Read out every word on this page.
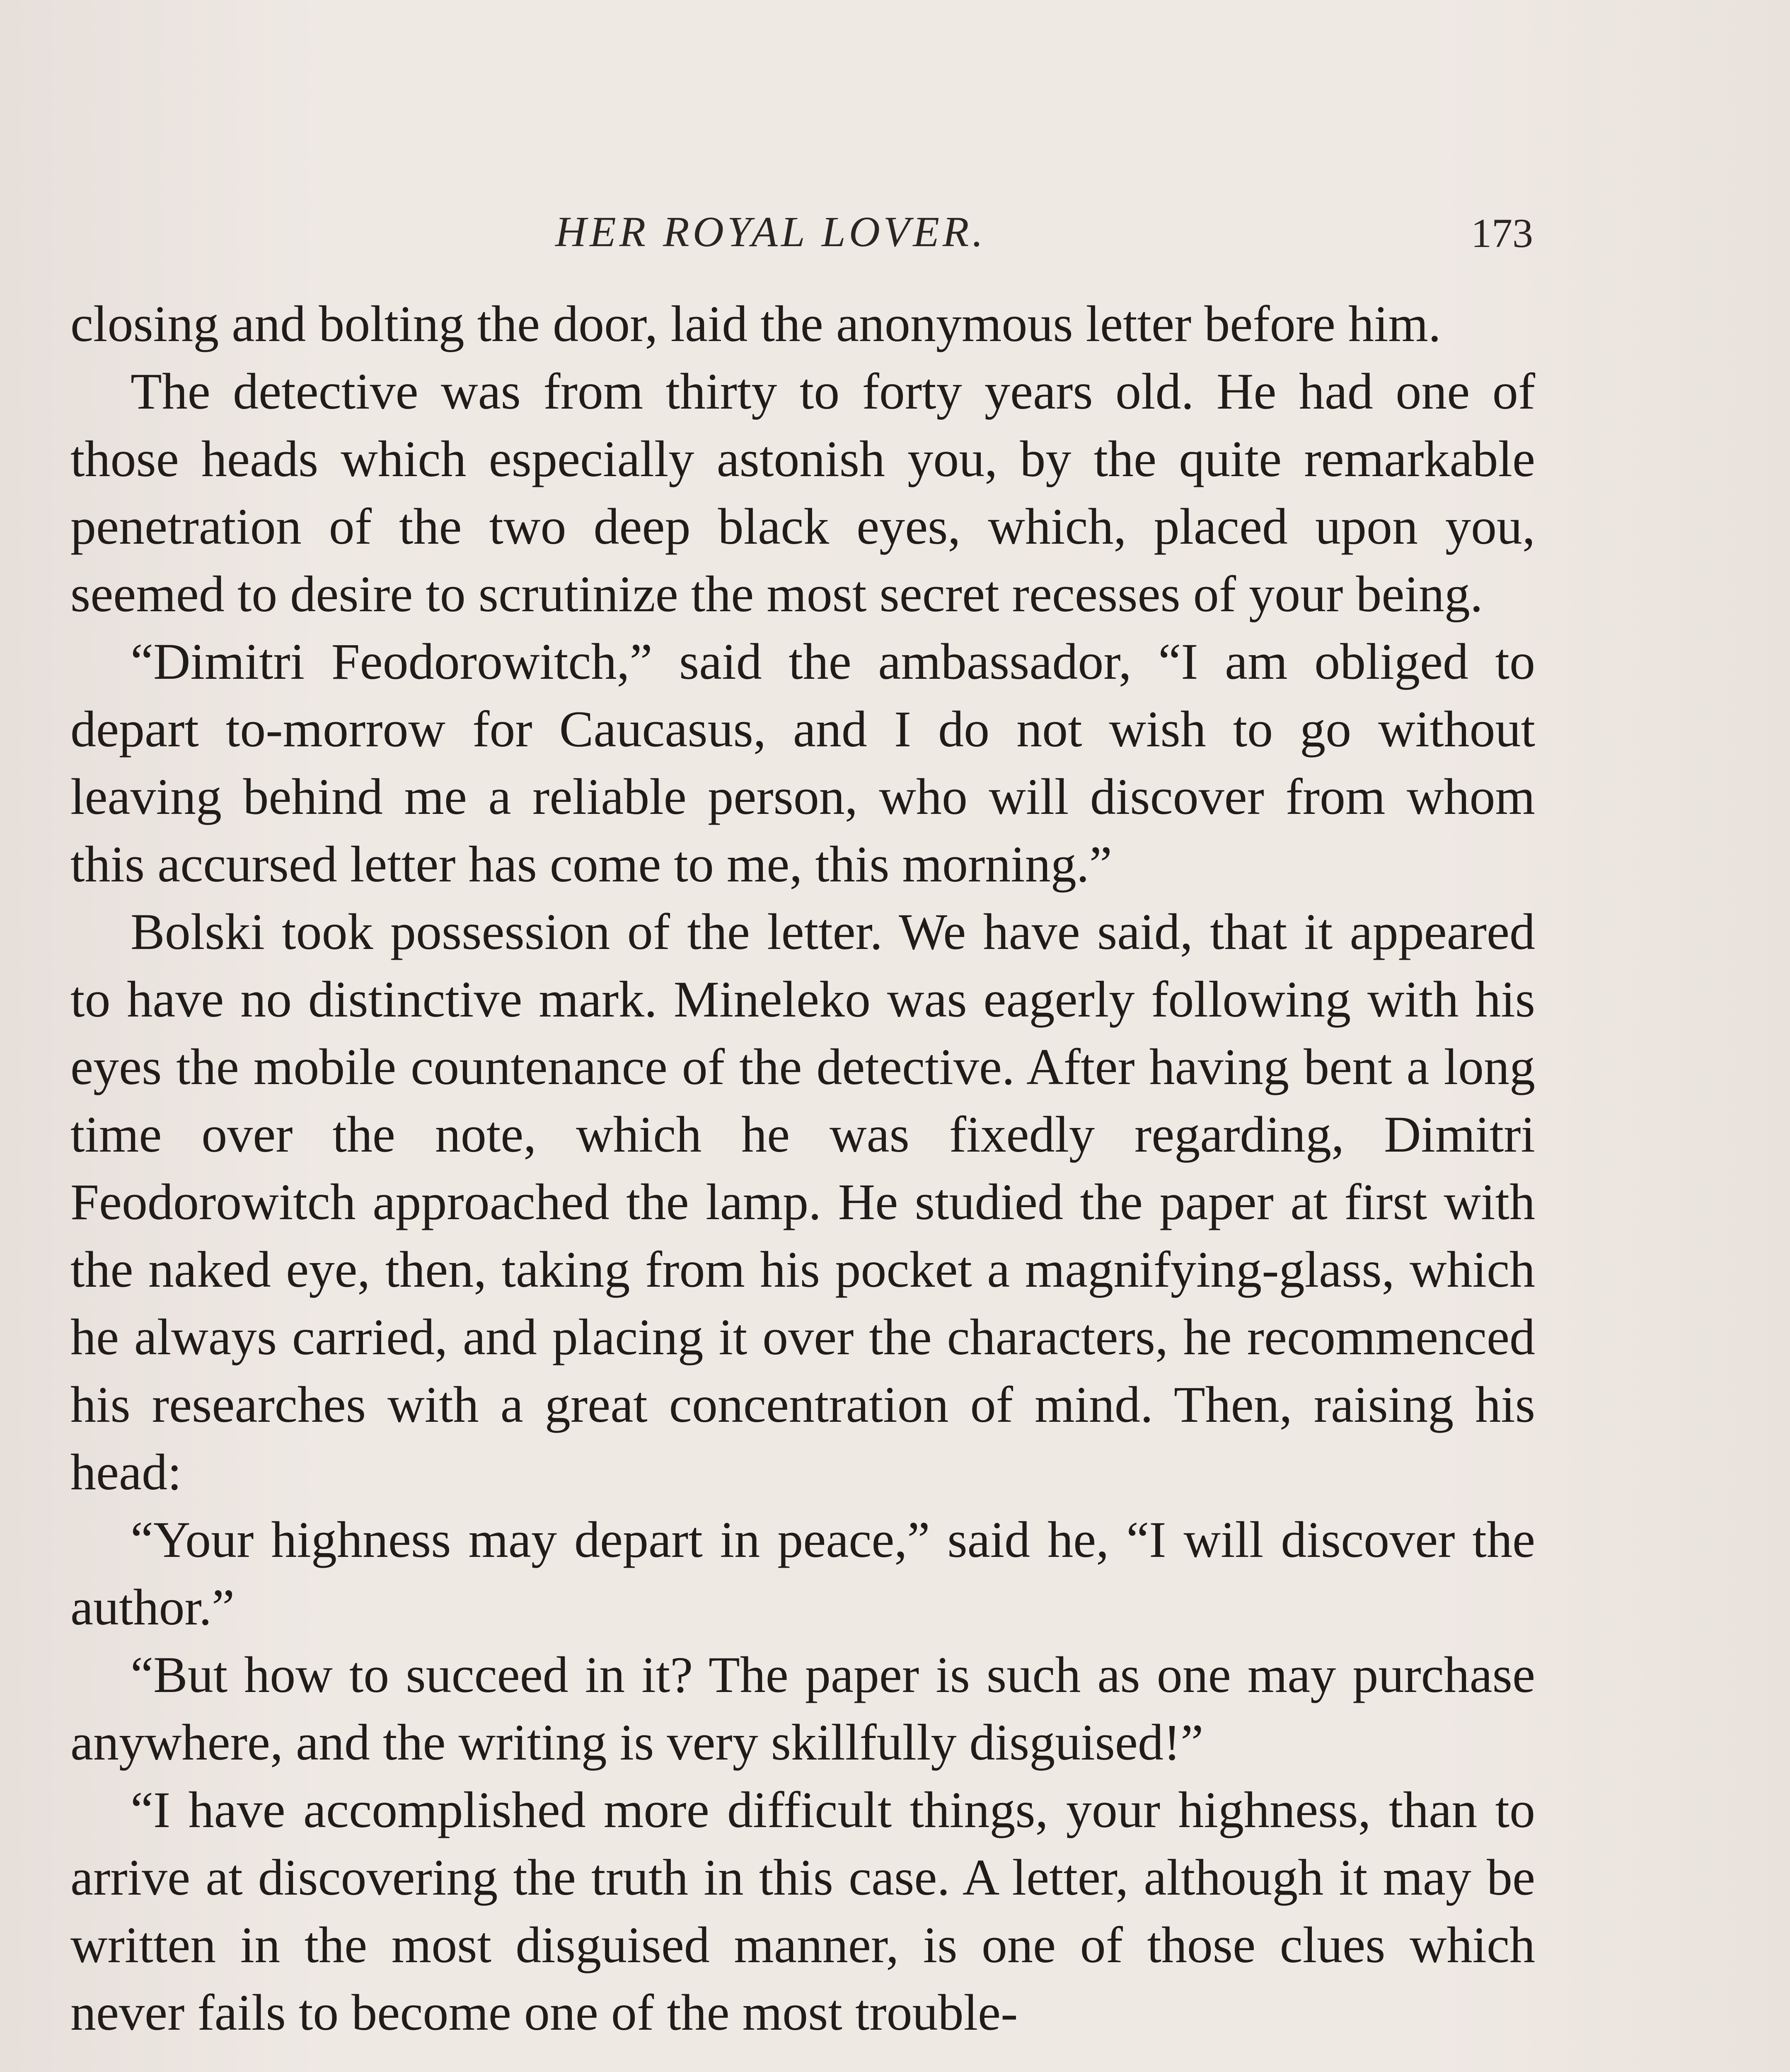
HER ROYAL LOVER.	173

closing and bolting the door, laid the anonymous letter before him.

The detective was from thirty to forty years old. He had one of those heads which especially astonish you, by the quite remarkable penetration of the two deep black eyes, which, placed upon you, seemed to desire to scrutinize the most secret recesses of your being.

“Dimitri Feodorowitch,” said the ambassador, “I am obliged to depart to-morrow for Caucasus, and I do not wish to go without leaving behind me a reliable person, who will discover from whom this accursed letter has come to me, this morning.”

Bolski took possession of the letter. We have said, that it appeared to have no distinctive mark. Mineleko was eagerly following with his eyes the mobile countenance of the detective. After having bent a long time over the note, which he was fixedly regarding, Dimitri Feodorowitch approached the lamp. He studied the paper at first with the naked eye, then, taking from his pocket a magnifying-glass, which he always carried, and placing it over the characters, he recommenced his researches with a great concentration of mind. Then, raising his head:

“Your highness may depart in peace,” said he, “I will discover the author.”

“But how to succeed in it? The paper is such as one may purchase anywhere, and the writing is very skillfully disguised!”

“I have accomplished more difficult things, your highness, than to arrive at discovering the truth in this case. A letter, although it may be written in the most disguised manner, is one of those clues which never fails to become one of the most trouble-
